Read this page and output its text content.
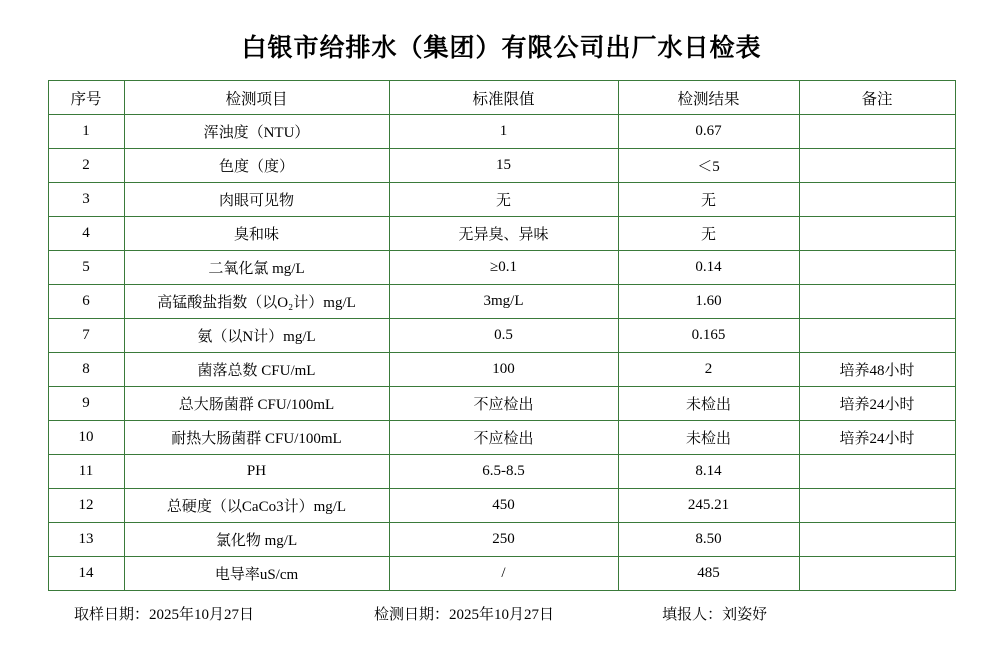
白银市给排水（集团）有限公司出厂水日检表
序号	检测项目	标准限值	检测结果	备注
1	浑浊度（NTU）	1	0.67	
2	色度（度）	15	＜5	
3	肉眼可见物	无	无	
4	臭和味	无异臭、异味	无	
5	二氧化氯 mg/L	≥0.1	0.14	
6	高锰酸盐指数（以O₂计）mg/L	3mg/L	1.60	
7	氨（以N计）mg/L	0.5	0.165	
8	菌落总数 CFU/mL	100	2	培养48小时
9	总大肠菌群 CFU/100mL	不应检出	未检出	培养24小时
10	耐热大肠菌群 CFU/100mL	不应检出	未检出	培养24小时
11	PH	6.5-8.5	8.14	
12	总硬度（以CaCo3计）mg/L	450	245.21	
13	氯化物 mg/L	250	8.50	
14	电导率uS/cm	/	485	
取样日期：2025年10月27日	检测日期：2025年10月27日	填报人：刘姿妤
